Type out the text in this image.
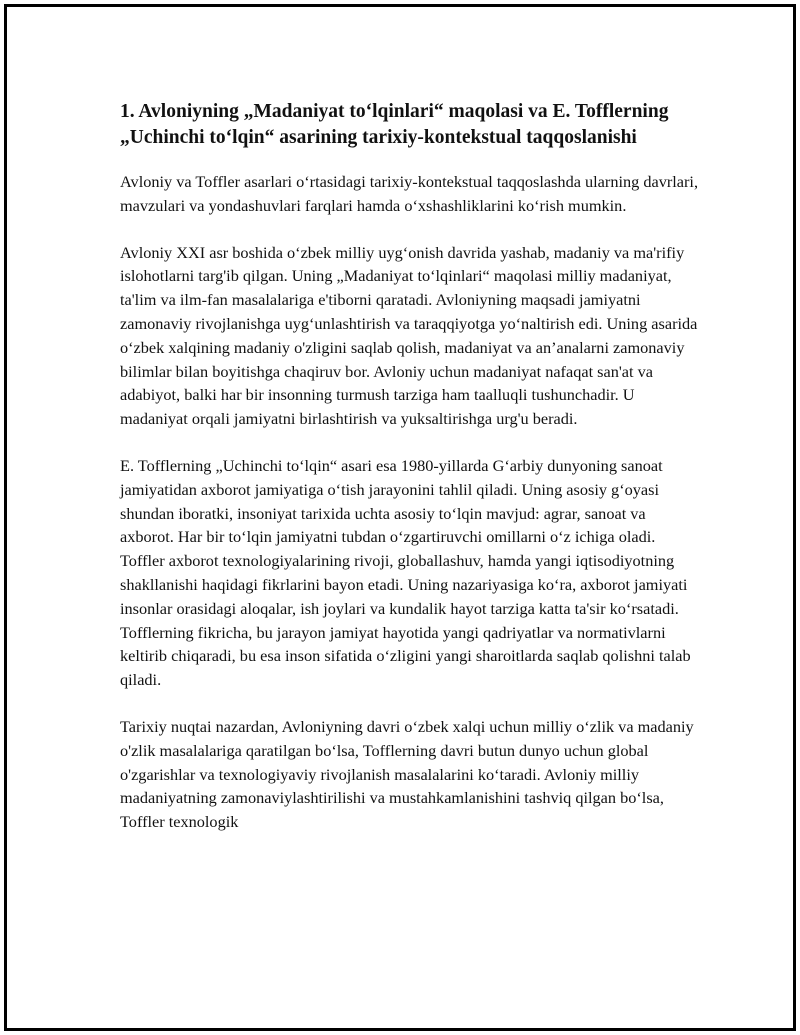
1. Avloniyning „Madaniyat to‘lqinlari“ maqolasi va E. Tofflerning „Uchinchi to‘lqin“ asarining tarixiy-kontekstual taqqoslanishi

Avloniy va Toffler asarlari o‘rtasidagi tarixiy-kontekstual taqqoslashda ularning davrlari, mavzulari va yondashuvlari farqlari hamda o‘xshashliklarini ko‘rish mumkin.

Avloniy XXI asr boshida o‘zbek milliy uyg‘onish davrida yashab, madaniy va ma'rifiy islohotlarni targ'ib qilgan. Uning „Madaniyat to‘lqinlari“ maqolasi milliy madaniyat, ta'lim va ilm-fan masalalariga e'tiborni qaratadi. Avloniyning maqsadi jamiyatni zamonaviy rivojlanishga uyg‘unlashtirish va taraqqiyotga yo‘naltirish edi. Uning asarida o‘zbek xalqining madaniy o'zligini saqlab qolish, madaniyat va an’analarni zamonaviy bilimlar bilan boyitishga chaqiruv bor. Avloniy uchun madaniyat nafaqat san'at va adabiyot, balki har bir insonning turmush tarziga ham taalluqli tushunchadir. U madaniyat orqali jamiyatni birlashtirish va yuksaltirishga urg'u beradi.

E. Tofflerning „Uchinchi to‘lqin“ asari esa 1980-yillarda G‘arbiy dunyoning sanoat jamiyatidan axborot jamiyatiga o‘tish jarayonini tahlil qiladi. Uning asosiy g‘oyasi shundan iboratki, insoniyat tarixida uchta asosiy to‘lqin mavjud: agrar, sanoat va axborot. Har bir to‘lqin jamiyatni tubdan o‘zgartiruvchi omillarni o‘z ichiga oladi. Toffler axborot texnologiyalarining rivoji, globallashuv, hamda yangi iqtisodiyotning shakllanishi haqidagi fikrlarini bayon etadi. Uning nazariyasiga ko‘ra, axborot jamiyati insonlar orasidagi aloqalar, ish joylari va kundalik hayot tarziga katta ta'sir ko‘rsatadi. Tofflerning fikricha, bu jarayon jamiyat hayotida yangi qadriyatlar va normativlarni keltirib chiqaradi, bu esa inson sifatida o‘zligini yangi sharoitlarda saqlab qolishni talab qiladi.

Tarixiy nuqtai nazardan, Avloniyning davri o‘zbek xalqi uchun milliy o‘zlik va madaniy o'zlik masalalariga qaratilgan bo‘lsa, Tofflerning davri butun dunyo uchun global o'zgarishlar va texnologiyaviy rivojlanish masalalarini ko‘taradi. Avloniy milliy madaniyatning zamonaviylashtirilishi va mustahkamlanishini tashviq qilgan bo‘lsa, Toffler texnologik
